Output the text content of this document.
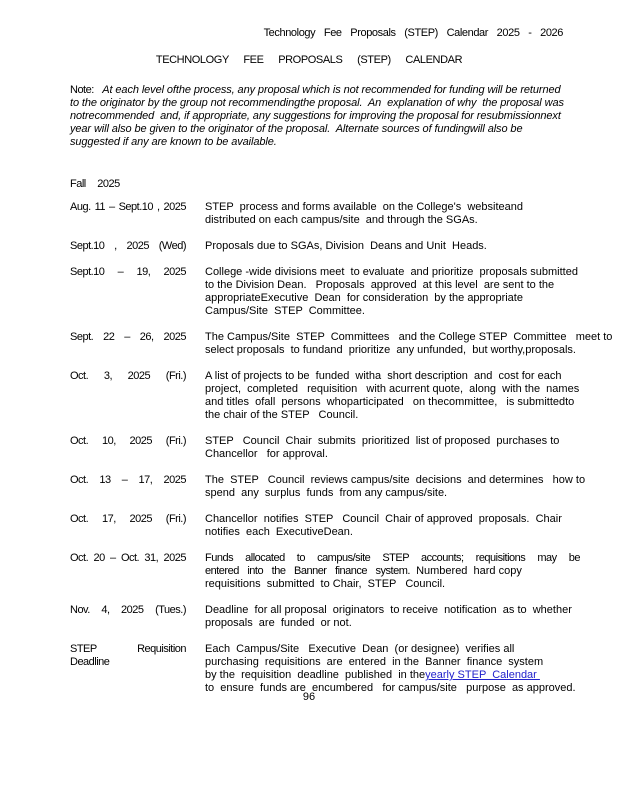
Technology Fee Proposals (STEP) Calendar 2025 - 2026
TECHNOLOGY FEE PROPOSALS (STEP) CALENDAR
Note:   At each level ofthe process, any proposal which is not recommended for funding will be returned
to the originator by the group not recommendingthe proposal.  An  explanation of why  the proposal was
notrecommended  and, if appropriate, any suggestions for improving the proposal for resubmissionnext
year will also be given to the originator of the proposal.  Alternate sources of fundingwill also be
suggested if any are known to be available.
Fall 2025
Aug. 11 – Sept.10 , 2025 STEP  process and forms available  on the College's  websiteand
distributed on each campus/site  and through the SGAs.
Sept.10 , 2025 (Wed) Proposals due to SGAs, Division  Deans and Unit  Heads.
Sept.10 – 19, 2025 College -wide divisions meet  to evaluate  and prioritize  proposals submitted
to the Division Dean.   Proposals  approved  at this level  are sent to the
appropriateExecutive  Dean  for consideration  by the appropriate
Campus/Site  STEP  Committee.
Sept. 22 – 26, 2025 The Campus/Site  STEP  Committees   and the College STEP  Committee   meet to
select proposals  to fundand  prioritize  any unfunded,  but worthy,proposals.
Oct. 3, 2025 (Fri.) A list of projects to be  funded  witha  short description  and  cost for each
project,  completed   requisition   with acurrent quote,  along  with the  names
and titles  ofall  persons  whoparticipated   on thecommittee,   is submittedto
the chair of the STEP   Council.
Oct. 10, 2025 (Fri.) STEP   Council  Chair  submits  prioritized  list of proposed  purchases to
Chancellor   for approval.
Oct. 13 – 17, 2025 The  STEP   Council  reviews campus/site  decisions  and determines   how to
spend  any  surplus  funds  from any campus/site.
Oct. 17, 2025 (Fri.) Chancellor  notifies  STEP   Council  Chair of approved  proposals.  Chair
notifies  each  ExecutiveDean.
Oct. 20 – Oct. 31, 2025 Funds allocated to campus/site STEP accounts; requisitions may be
entered into the Banner finance system.  Numbered  hard copy
requisitions  submitted  to Chair,  STEP   Council.
Nov. 4, 2025 (Tues.) Deadline  for all proposal  originators  to receive  notification  as to  whether
proposals  are  funded  or not.
STEP Requisition
Deadline
Each  Campus/Site   Executive  Dean  (or designee)  verifies all
purchasing  requisitions  are  entered  in the  Banner  finance  system
by the  requisition  deadline  published  in theyearly STEP  Calendar
to  ensure  funds are  encumbered   for campus/site   purpose  as approved.
96
